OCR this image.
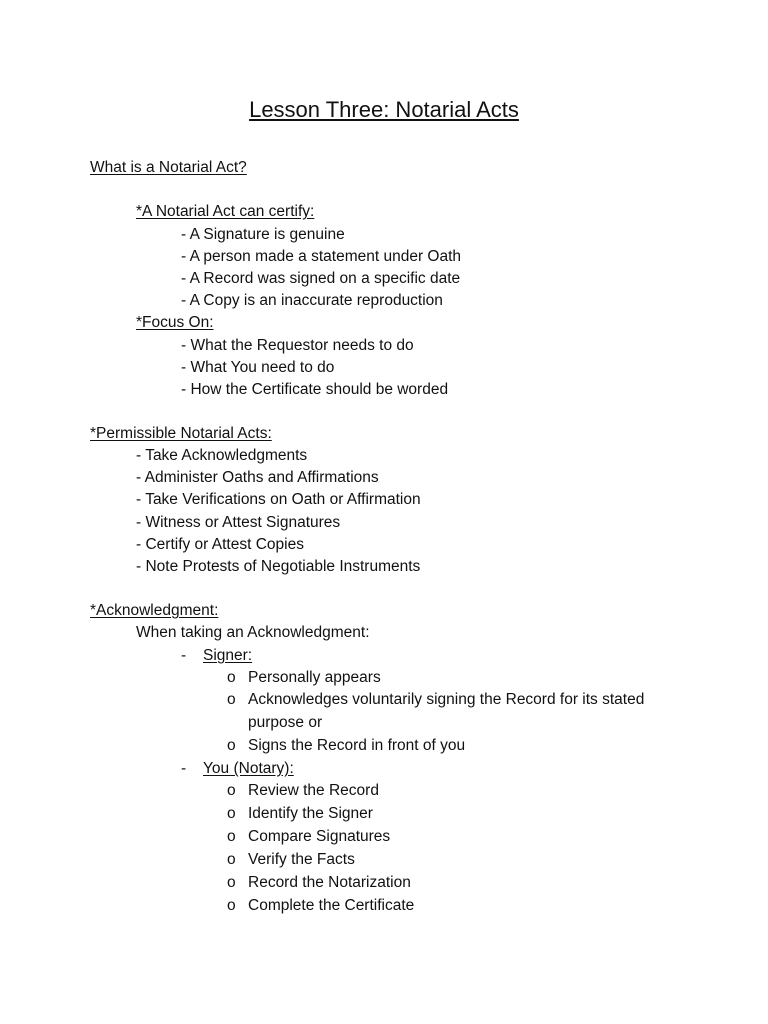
Lesson Three: Notarial Acts
What is a Notarial Act?
*A Notarial Act can certify:
- A Signature is genuine
- A person made a statement under Oath
- A Record was signed on a specific date
- A Copy is an inaccurate reproduction
*Focus On:
- What the Requestor needs to do
- What You need to do
- How the Certificate should be worded
*Permissible Notarial Acts:
- Take Acknowledgments
- Administer Oaths and Affirmations
- Take Verifications on Oath or Affirmation
- Witness or Attest Signatures
- Certify or Attest Copies
- Note Protests of Negotiable Instruments
*Acknowledgment:
When taking an Acknowledgment:
- Signer:
o Personally appears
o Acknowledges voluntarily signing the Record for its stated
purpose or
o Signs the Record in front of you
- You (Notary):
o Review the Record
o Identify the Signer
o Compare Signatures
o Verify the Facts
o Record the Notarization
o Complete the Certificate
